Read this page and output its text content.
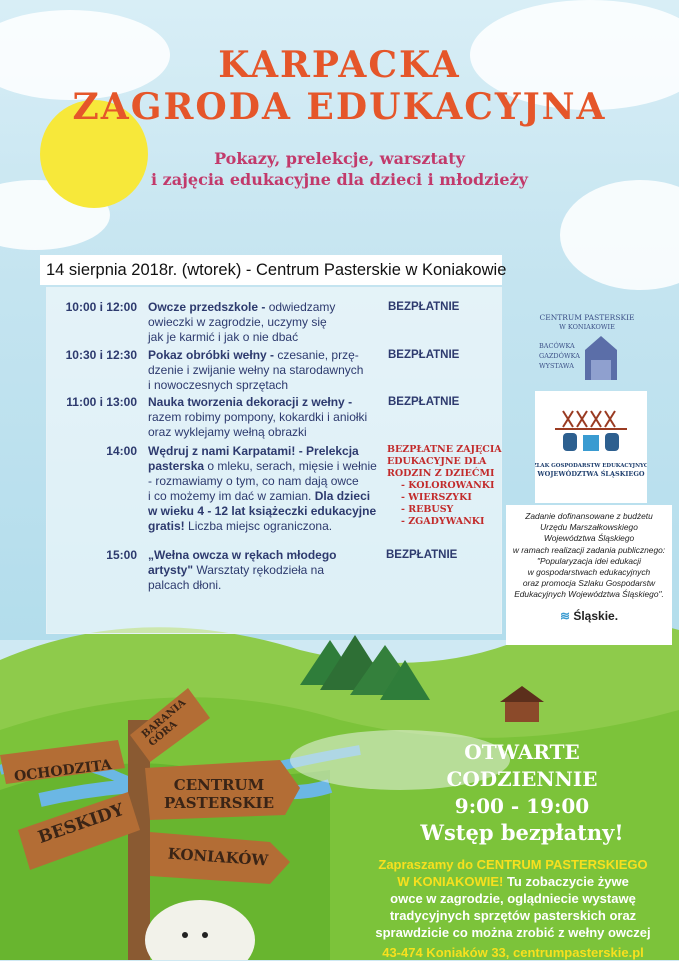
KARPACKA
ZAGRODA EDUKACYJNA
Pokazy, prelekcje, warsztaty
i zajęcia edukacyjne dla dzieci i młodzieży
14 sierpnia 2018r. (wtorek) - Centrum Pasterskie w Koniakowie
10:00 i 12:00 Owcze przedszkole - odwiedzamy
owieczki w zagrodzie, uczymy się
jak je karmić i jak o nie dbać
BEZPŁATNIE
10:30 i 12:30 Pokaz obróbki wełny - czesanie, przę-
dzenie i zwijanie wełny na starodawnych
i nowoczesnych sprzętach
BEZPŁATNIE
11:00 i 13:00 Nauka tworzenia dekoracji z wełny -
razem robimy pompony, kokardki i aniołki
oraz wyklejamy wełną obrazki
BEZPŁATNIE
14:00 Wędruj z nami Karpatami! - Prelekcja
pasterska o mleku, serach, mięsie i wełnie
- rozmawiamy o tym, co nam dają owce
i co możemy im dać w zamian. Dla dzieci
w wieku 4 - 12 lat książeczki edukacyjne
gratis! Liczba miejsc ograniczona.
BEZPŁATNE ZAJĘCIA
EDUKACYJNE DLA
RODZIN Z DZIEĆMI
- KOLOROWANKI
- WIERSZYKI
- REBUSY
- ZGADYWANKI
15:00 „Wełna owcza w rękach młodego
artysty" Warsztaty rękodzieła na
palcach dłoni.
BEZPŁATNIE
CENTRUM PASTERSKIE
W KONIAKOWIE
BACÓWKA
GAZDÓWKA
WYSTAWA
SZLAK GOSPODARSTW EDUKACYJNYCH
WOJEWÓDZTWA ŚLĄSKIEGO
Zadanie dofinansowane z budżetu
Urzędu Marszałkowskiego
Województwa Śląskiego
w ramach realizacji zadania publicznego:
"Popularyzacja idei edukacji
w gospodarstwach edukacyjnych
oraz promocja Szlaku Gospodarstw
Edukacyjnych Województwa Śląskiego".
≋ Śląskie.
OCHODZITA
BARANIA GÓRA
CENTRUM
PASTERSKIE
BESKIDY
KONIAKÓW
OTWARTE
CODZIENNIE
9:00 - 19:00
Wstęp bezpłatny!
Zapraszamy do CENTRUM PASTERSKIEGO
W KONIAKOWIE! Tu zobaczycie żywe
owce w zagrodzie, oglądniecie wystawę
tradycyjnych sprzętów pasterskich oraz
sprawdzicie co można zrobić z wełny owczej
43-474 Koniaków 33, centrumpasterskie.pl
